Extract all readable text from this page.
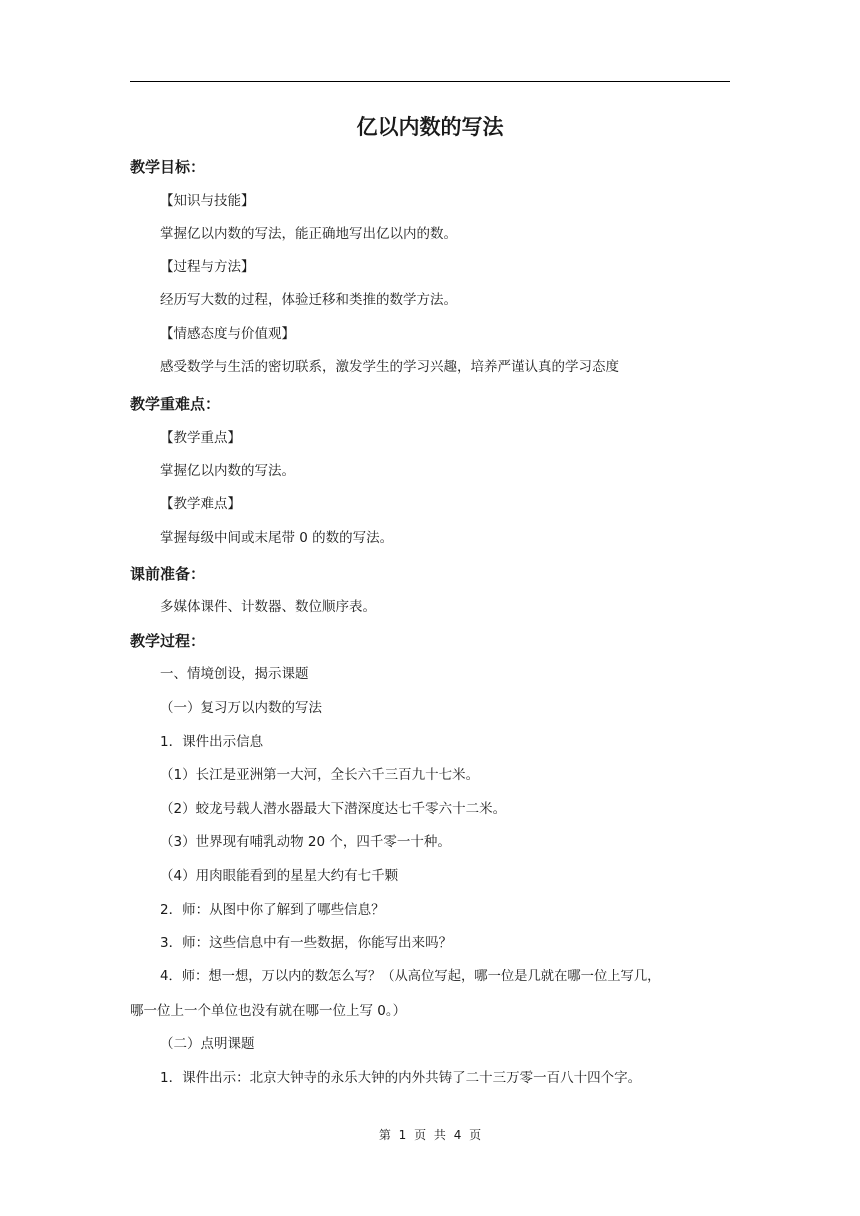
亿以内数的写法

教学目标：

【知识与技能】

掌握亿以内数的写法，能正确地写出亿以内的数。

【过程与方法】

经历写大数的过程，体验迁移和类推的数学方法。

【情感态度与价值观】

感受数学与生活的密切联系，激发学生的学习兴趣，培养严谨认真的学习态度

教学重难点：

【教学重点】

掌握亿以内数的写法。

【教学难点】

掌握每级中间或末尾带 0 的数的写法。

课前准备：

多媒体课件、计数器、数位顺序表。

教学过程：

一、情境创设，揭示课题

（一）复习万以内数的写法

1．课件出示信息

（1）长江是亚洲第一大河，全长六千三百九十七米。

（2）蛟龙号载人潜水器最大下潜深度达七千零六十二米。

（3）世界现有哺乳动物 20 个，四千零一十种。

（4）用肉眼能看到的星星大约有七千颗

2．师：从图中你了解到了哪些信息？

3．师：这些信息中有一些数据，你能写出来吗？

4．师：想一想，万以内的数怎么写？（从高位写起，哪一位是几就在哪一位上写几，

哪一位上一个单位也没有就在哪一位上写 0。）

（二）点明课题

1．课件出示：北京大钟寺的永乐大钟的内外共铸了二十三万零一百八十四个字。

第 1 页 共 4 页
